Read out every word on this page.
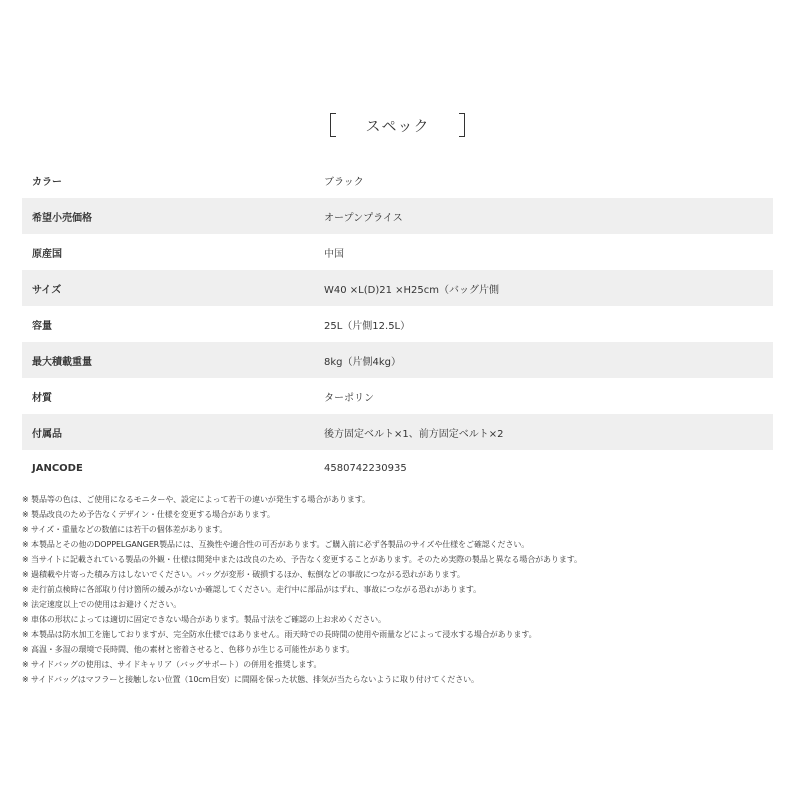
スペック
カラー	ブラック
希望小売価格	オープンプライス
原産国	中国
サイズ	W40 ×L(D)21 ×H25cm（バッグ片側
容量	25L（片側12.5L）
最大積載重量	8kg（片側4kg）
材質	ターポリン
付属品	後方固定ベルト×1、前方固定ベルト×2
JANCODE	4580742230935
※ 製品等の色は、ご使用になるモニターや、設定によって若干の違いが発生する場合があります。
※ 製品改良のため予告なくデザイン・仕様を変更する場合があります。
※ サイズ・重量などの数値には若干の個体差があります。
※ 本製品とその他のDOPPELGANGER製品には、互換性や適合性の可否があります。ご購入前に必ず各製品のサイズや仕様をご確認ください。
※ 当サイトに記載されている製品の外観・仕様は開発中または改良のため、予告なく変更することがあります。そのため実際の製品と異なる場合があります。
※ 過積載や片寄った積み方はしないでください。バッグが変形・破損するほか、転倒などの事故につながる恐れがあります。
※ 走行前点検時に各部取り付け箇所の緩みがないか確認してください。走行中に部品がはずれ、事故につながる恐れがあります。
※ 法定速度以上での使用はお避けください。
※ 車体の形状によっては適切に固定できない場合があります。製品寸法をご確認の上お求めください。
※ 本製品は防水加工を施しておりますが、完全防水仕様ではありません。雨天時での長時間の使用や雨量などによって浸水する場合があります。
※ 高温・多湿の環境で長時間、他の素材と密着させると、色移りが生じる可能性があります。
※ サイドバッグの使用は、サイドキャリア（バッグサポート）の併用を推奨します。
※ サイドバッグはマフラーと接触しない位置（10cm目安）に間隔を保った状態、排気が当たらないように取り付けてください。
